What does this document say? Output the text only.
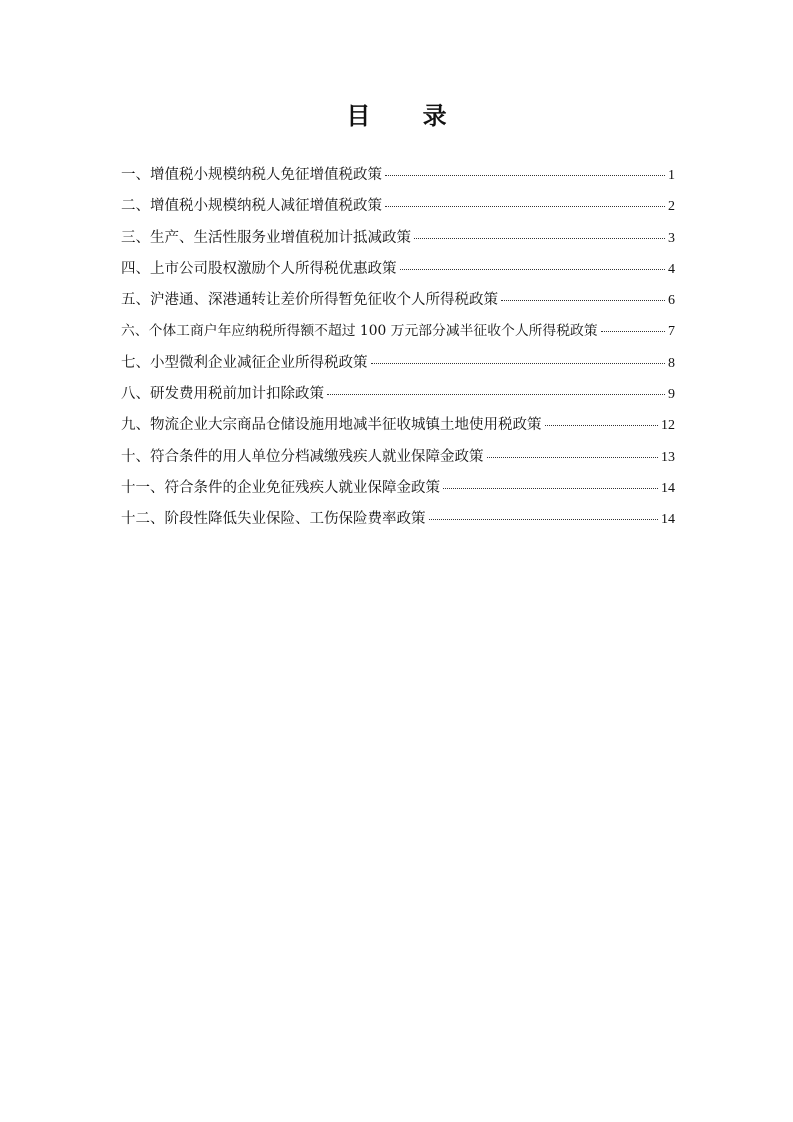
目 录
一、增值税小规模纳税人免征增值税政策	1
二、增值税小规模纳税人减征增值税政策	2
三、生产、生活性服务业增值税加计抵减政策	3
四、上市公司股权激励个人所得税优惠政策	4
五、沪港通、深港通转让差价所得暂免征收个人所得税政策	6
六、个体工商户年应纳税所得额不超过 100 万元部分减半征收个人所得税政策	7
七、小型微利企业减征企业所得税政策	8
八、研发费用税前加计扣除政策	9
九、物流企业大宗商品仓储设施用地减半征收城镇土地使用税政策	12
十、符合条件的用人单位分档减缴残疾人就业保障金政策	13
十一、符合条件的企业免征残疾人就业保障金政策	14
十二、阶段性降低失业保险、工伤保险费率政策	14
